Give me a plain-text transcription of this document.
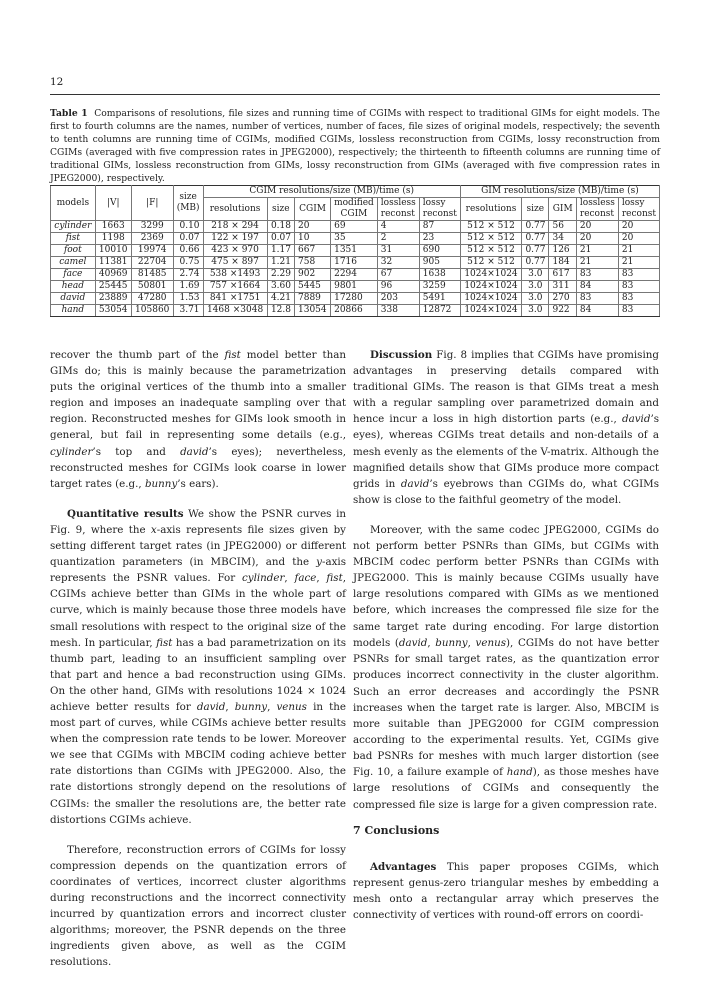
12
Table 1 Comparisons of resolutions, file sizes and running time of CGIMs with respect to traditional GIMs for eight models. The first to fourth columns are the names, number of vertices, number of faces, file sizes of original models, respectively; the seventh to tenth columns are running time of CGIMs, modified CGIMs, lossless reconstruction from CGIMs, lossy reconstruction from CGIMs (averaged with five compression rates in JPEG2000), respectively; the thirteenth to fifteenth columns are running time of traditional GIMs, lossless reconstruction from GIMs, lossy reconstruction from GIMs (averaged with five compression rates in JPEG2000), respectively.
models	|V|	|F|	size (MB)	CGIM resolutions/size (MB)/time (s)						GIM resolutions/size (MB)/time (s)				
				resolutions	size	CGIM	modified CGIM	lossless reconst	lossy reconst	resolutions	size	GIM	lossless reconst	lossy reconst
cylinder	1663	3299	0.10	218 × 294	0.18	20	69	4	87	512 × 512	0.77	56	20	20
fist	1198	2369	0.07	122 × 197	0.07	10	35	2	23	512 × 512	0.77	34	20	20
foot	10010	19974	0.66	423 × 970	1.17	667	1351	31	690	512 × 512	0.77	126	21	21
camel	11381	22704	0.75	475 × 897	1.21	758	1716	32	905	512 × 512	0.77	184	21	21
face	40969	81485	2.74	538 ×1493	2.29	902	2294	67	1638	1024×1024	3.0	617	83	83
head	25445	50801	1.69	757 ×1664	3.60	5445	9801	96	3259	1024×1024	3.0	311	84	83
david	23889	47280	1.53	841 ×1751	4.21	7889	17280	203	5491	1024×1024	3.0	270	83	83
hand	53054	105860	3.71	1468 ×3048	12.8	13054	20866	338	12872	1024×1024	3.0	922	84	83

recover the thumb part of the fist model better than GIMs do; this is mainly because the parametrization puts the original vertices of the thumb into a smaller region and imposes an inadequate sampling over that region. Reconstructed meshes for GIMs look smooth in general, but fail in representing some details (e.g., cylinder’s top and david’s eyes); nevertheless, reconstructed meshes for CGIMs look coarse in lower target rates (e.g., bunny’s ears).

Quantitative results We show the PSNR curves in Fig. 9, where the x-axis represents file sizes given by setting different target rates (in JPEG2000) or different quantization parameters (in MBCIM), and the y-axis represents the PSNR values. For cylinder, face, fist, CGIMs achieve better than GIMs in the whole part of curve, which is mainly because those three models have small resolutions with respect to the original size of the mesh. In particular, fist has a bad parametrization on its thumb part, leading to an insufficient sampling over that part and hence a bad reconstruction using GIMs. On the other hand, GIMs with resolutions 1024 × 1024 achieve better results for david, bunny, venus in the most part of curves, while CGIMs achieve better results when the compression rate tends to be lower. Moreover we see that CGIMs with MBCIM coding achieve better rate distortions than CGIMs with JPEG2000. Also, the rate distortions strongly depend on the resolutions of CGIMs: the smaller the resolutions are, the better rate distortions CGIMs achieve.

Therefore, reconstruction errors of CGIMs for lossy compression depends on the quantization errors of coordinates of vertices, incorrect cluster algorithms during reconstructions and the incorrect connectivity incurred by quantization errors and incorrect cluster algorithms; moreover, the PSNR depends on the three ingredients given above, as well as the CGIM resolutions.

Discussion Fig. 8 implies that CGIMs have promising advantages in preserving details compared with traditional GIMs. The reason is that GIMs treat a mesh with a regular sampling over parametrized domain and hence incur a loss in high distortion parts (e.g., david’s eyes), whereas CGIMs treat details and non-details of a mesh evenly as the elements of the V-matrix. Although the magnified details show that GIMs produce more compact grids in david’s eyebrows than CGIMs do, what CGIMs show is close to the faithful geometry of the model.

Moreover, with the same codec JPEG2000, CGIMs do not perform better PSNRs than GIMs, but CGIMs with MBCIM codec perform better PSNRs than CGIMs with JPEG2000. This is mainly because CGIMs usually have large resolutions compared with GIMs as we mentioned before, which increases the compressed file size for the same target rate during encoding. For large distortion models (david, bunny, venus), CGIMs do not have better PSNRs for small target rates, as the quantization error produces incorrect connectivity in the cluster algorithm. Such an error decreases and accordingly the PSNR increases when the target rate is larger. Also, MBCIM is more suitable than JPEG2000 for CGIM compression according to the experimental results. Yet, CGIMs give bad PSNRs for meshes with much larger distortion (see Fig. 10, a failure example of hand), as those meshes have large resolutions of CGIMs and consequently the compressed file size is large for a given compression rate.

7 Conclusions

Advantages This paper proposes CGIMs, which represent genus-zero triangular meshes by embedding a mesh onto a rectangular array which preserves the connectivity of vertices with round-off errors on coordi-
